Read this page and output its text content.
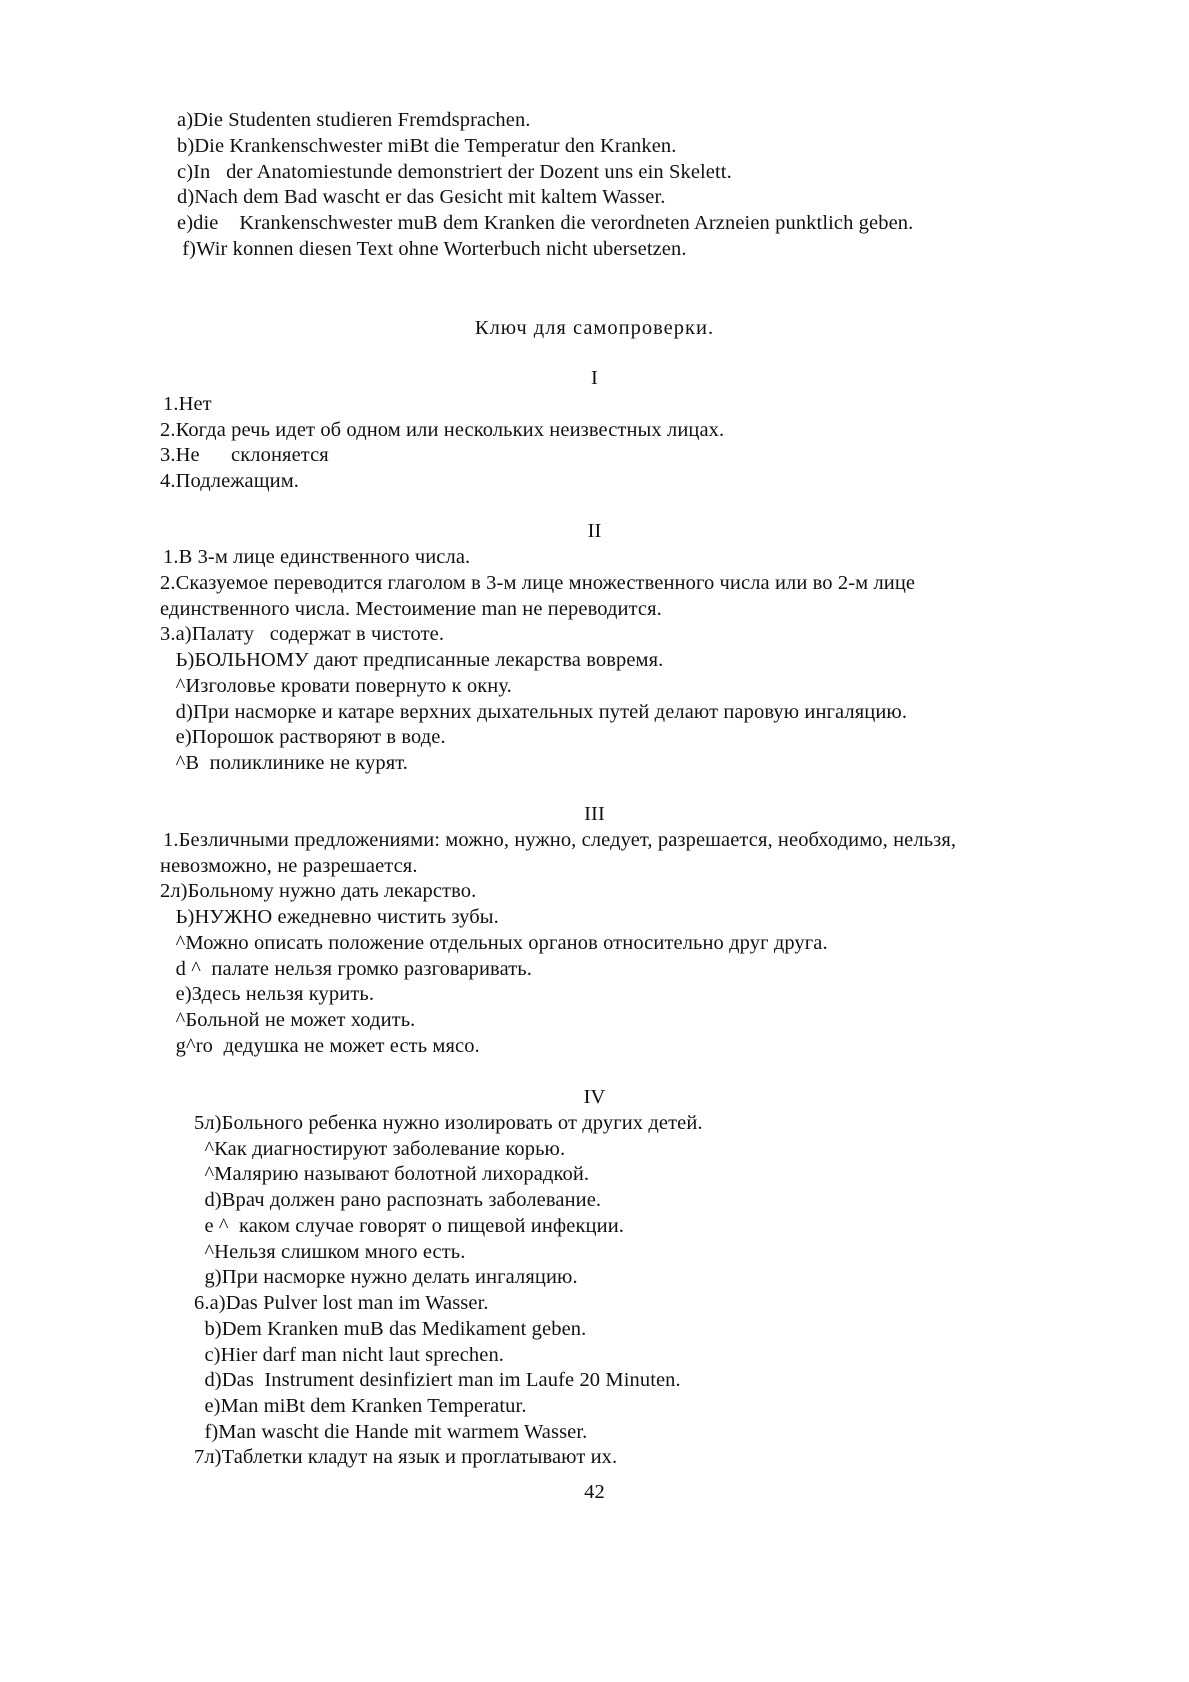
a)Die Studenten studieren Fremdsprachen.
b)Die Krankenschwester miBt die Temperatur den Kranken.
c)In   der Anatomiestunde demonstriert der Dozent uns ein Skelett.
d)Nach dem Bad wascht er das Gesicht mit kaltem Wasser.
e)die    Krankenschwester muB dem Kranken die verordneten Arzneien punktlich geben.
f)Wir konnen diesen Text ohne Worterbuch nicht ubersetzen.
Ключ для самопроверки.
I
1.Нет
2.Когда речь идет об одном или нескольких неизвестных лицах.
3.Не      склоняется
4.Подлежащим.
II
1.В 3-м лице единственного числа.
2.Сказуемое переводится глаголом в 3-м лице множественного числа или во 2-м лице
единственного числа. Местоимение man не переводится.
3.а)Палату   содержат в чистоте.
Ь)БОЛЬНОМУ дают предписанные лекарства вовремя.
^Изголовье кровати повернуто к окну.
d)При насморке и катаре верхних дыхательных путей делают паровую ингаляцию.
е)Порошок растворяют в воде.
^В  поликлинике не курят.
III
1.Безличными предложениями: можно, нужно, следует, разрешается, необходимо, нельзя,
невозможно, не разрешается.
2л)Больному нужно дать лекарство.
Ь)НУЖНО ежедневно чистить зубы.
^Можно описать положение отдельных органов относительно друг друга.
d ^  палате нельзя громко разговаривать.
е)Здесь нельзя курить.
^Больной не может ходить.
g^rо  дедушка не может есть мясо.
IV
5л)Больного ребенка нужно изолировать от других детей.
^Как диагностируют заболевание корью.
^Малярию называют болотной лихорадкой.
d)Врач должен рано распознать заболевание.
е ^  каком случае говорят о пищевой инфекции.
^Нельзя слишком много есть.
g)При насморке нужно делать ингаляцию.
6.a)Das Pulver lost man im Wasser.
b)Dem Kranken muB das Medikament geben.
c)Hier darf man nicht laut sprechen.
d)Das  Instrument desinfiziert man im Laufe 20 Minuten.
e)Man miBt dem Kranken Temperatur.
f)Man wascht die Hande mit warmem Wasser.
7л)Таблетки кладут на язык и проглатывают их.
42
